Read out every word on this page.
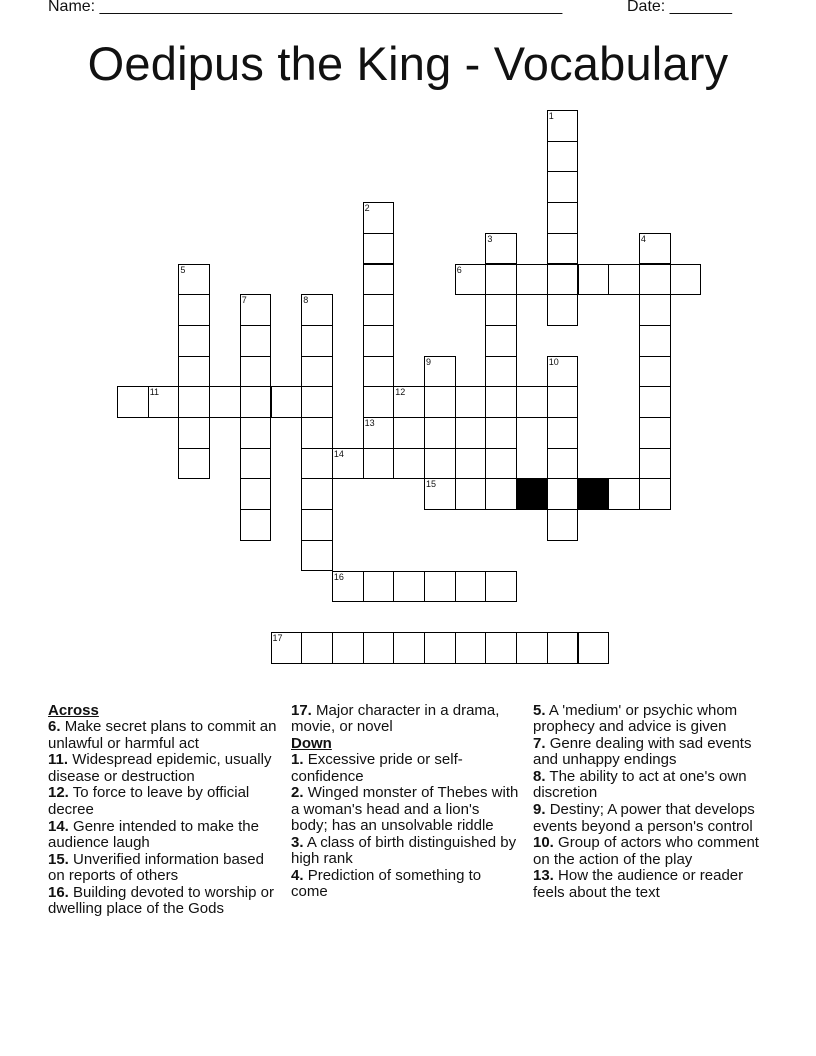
Name: ____________________________________________________	Date: _______
Oedipus the King - Vocabulary
1
2
3	4
5	6
7	8
9	10
11	12
13
14
15
16
17
Across
6. Make secret plans to commit an unlawful or harmful act
11. Widespread epidemic, usually disease or destruction
12. To force to leave by official decree
14. Genre intended to make the audience laugh
15. Unverified information based on reports of others
16. Building devoted to worship or dwelling place of the Gods
17. Major character in a drama, movie, or novel
Down
1. Excessive pride or self-confidence
2. Winged monster of Thebes with a woman's head and a lion's body; has an unsolvable riddle
3. A class of birth distinguished by high rank
4. Prediction of something to come
5. A 'medium' or psychic whom prophecy and advice is given
7. Genre dealing with sad events and unhappy endings
8. The ability to act at one's own discretion
9. Destiny; A power that develops events beyond a person's control
10. Group of actors who comment on the action of the play
13. How the audience or reader feels about the text
